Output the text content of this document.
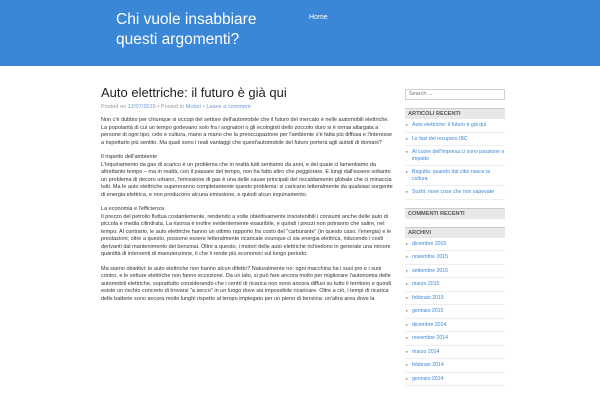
Chi vuole insabbiare questi argomenti?
Home
Auto elettriche: il futuro è già qui
Posted on 12/07/2015 • Posted in Motori • Leave a comment

Non c'è dubbio per chiunque si occupi del settore dell'automobile che il futuro del mercato è nelle automobili elettriche. La popolarità di cui un tempo godevano solo fra i sognatori o gli ecologisti dello zoccolo duro si è ormai allargata a persone di ogni tipo, ceto e cultura, mano a mano che la preoccupazione per l'ambiente s'è fatta più diffusa e l'interesse a rispettarlo più sentito. Ma quali sono i reali vantaggi che quest'automobile del futuro porterà agli autisti di domani?

Il rispetto dell'ambiente
L'inquinamento da gas di scarico è un problema che in realtà tutti sentiamo da anni, e del quale ci lamentiamo da altrettanto tempo – ma in realtà, con il passare del tempo, non ha fatto altro che peggiorare. E lungi dall'essere soltanto un problema di decoro urbano, l'emissione di gas è una delle cause principali del riscaldamento globale che ci minaccia tutti. Ma le auto elettriche supereranno completamente questo problema: si caricano letteralmente da qualsiasi sorgente di energia elettrica, e non producono alcuna emissione, e quindi alcun inquinamento.

La economia e l'efficienza
Il prezzo del petrolio fluttua costantemente, rendendo a volte obiettivamente insostenibili i consumi anche delle auto di piccola e media cilindrata. La risorsa è inoltre evidentemente esauribile, e quindi i prezzi non potranno che salire, nel tempo. Al contrario, le auto elettriche hanno un ottimo rapporto fra costo del "carburante" (in questo caso, l'energia) e le prestazioni; oltre a questo, possono essere letteralmente ricaricate ovunque ci sia energia elettrica, riducendo i costi derivanti dal mantenimento dei benzinai. Oltre a questo, i motori delle auto elettriche richiedono in generale una minore quantità di interventi di manutenzione, il che li rende più economici sul lungo periodo.

Ma siamo obiettivi: le auto elettriche non hanno alcun difetto? Naturalmente no: ogni macchina ha i suoi pro e i suoi contro, e le vetture elettriche non fanno eccezione. Da un lato, si può fare ancora molto per migliorare l'autonomia delle automobili elettriche, soprattutto considerando che i centri di ricarica non sono ancora diffusi su tutto il territorio e quindi esiste un rischio concreto di trovarsi "a secco" in un luogo dove sia impossibile ricaricare. Oltre a ciò, i tempi di ricarica delle batterie sono ancora molto lunghi rispetto al tempo impiegato per un pieno di benzina: un'altra area dove la

Search ...
ARTICOLI RECENTI
▸ Auto elettriche: il futuro è già qui
▸ Le fasi del recupero IBC
▸ Al cuore dell'impresa ci sono passione e impatto
▸ Bagutta: quando dal cibo nasce la cultura
▸ Sushi: nove cose che non sapevate
COMMENTI RECENTI
ARCHIVI
▸ dicembre 2015
▸ novembre 2015
▸ settembre 2015
▸ marzo 2015
▸ febbraio 2015
▸ gennaio 2015
▸ dicembre 2014
▸ novembre 2014
▸ marzo 2014
▸ febbraio 2014
▸ gennaio 2014
